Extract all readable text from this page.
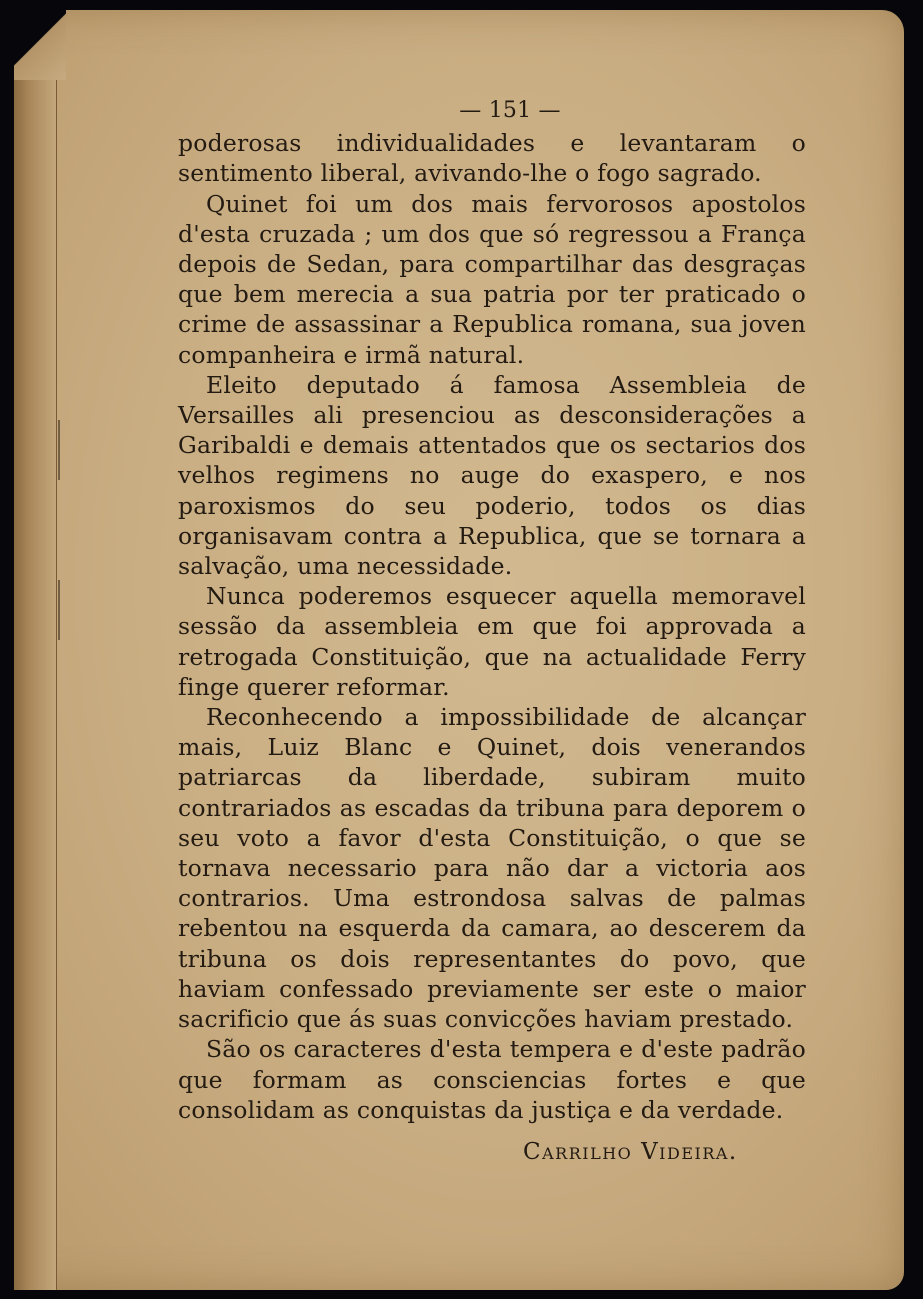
— 151 —

poderosas individualidades e levantaram o sentimento liberal, avivando-lhe o fogo sagrado.

Quinet foi um dos mais fervorosos apostolos d'esta cruzada ; um dos que só regressou a França depois de Sedan, para compartilhar das desgraças que bem merecia a sua patria por ter praticado o crime de assassinar a Republica romana, sua joven companheira e irmã natural.

Eleito deputado á famosa Assembleia de Versailles ali presenciou as desconsiderações a Garibaldi e demais attentados que os sectarios dos velhos regimens no auge do exaspero, e nos paroxismos do seu poderio, todos os dias organisavam contra a Republica, que se tornara a salvação, uma necessidade.

Nunca poderemos esquecer aquella memoravel sessão da assembleia em que foi approvada a retrogada Constituição, que na actualidade Ferry finge querer reformar.

Reconhecendo a impossibilidade de alcançar mais, Luiz Blanc e Quinet, dois venerandos patriarcas da liberdade, subiram muito contrariados as escadas da tribuna para deporem o seu voto a favor d'esta Constituição, o que se tornava necessario para não dar a victoria aos contrarios. Uma estrondosa salvas de palmas rebentou na esquerda da camara, ao descerem da tribuna os dois representantes do povo, que haviam confessado previamente ser este o maior sacrificio que ás suas convicções haviam prestado.

São os caracteres d'esta tempera e d'este padrão que formam as consciencias fortes e que consolidam as conquistas da justiça e da verdade.

Carrilho Videira.
